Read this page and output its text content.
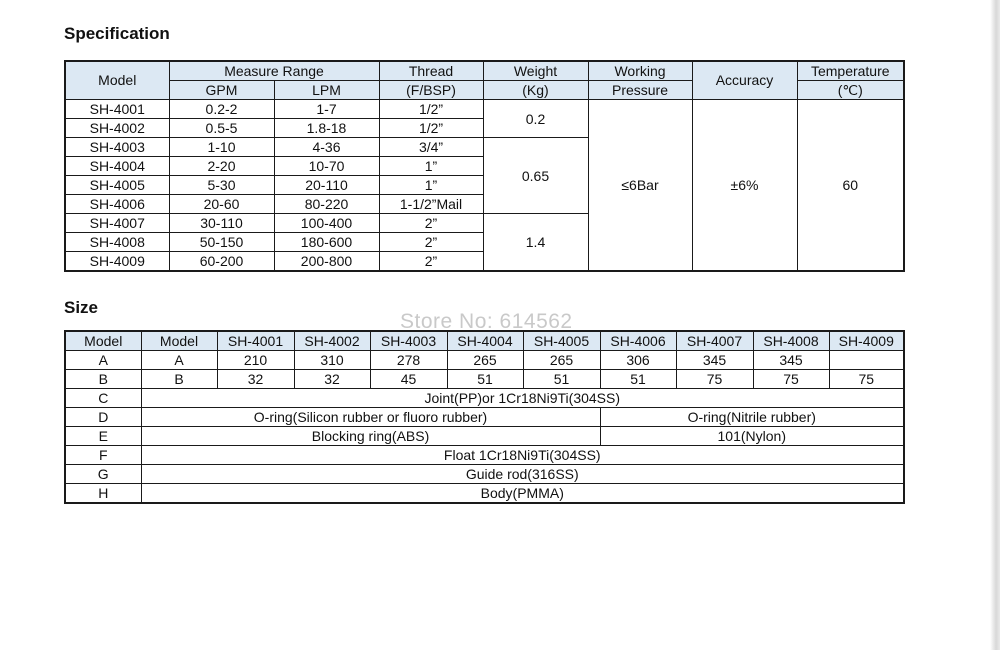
Specification
Model	Measure Range		Thread	Weight	Working	Accuracy	Temperature
	GPM	LPM	(F/BSP)	(Kg)	Pressure		(℃)
SH-4001	0.2-2	1-7	1/2”	0.2	≤6Bar	±6%	60
SH-4002	0.5-5	1.8-18	1/2”				
SH-4003	1-10	4-36	3/4”	0.65			
SH-4004	2-20	10-70	1”				
SH-4005	5-30	20-110	1”				
SH-4006	20-60	80-220	1-1/2”Mail				
SH-4007	30-110	100-400	2”	1.4			
SH-4008	50-150	180-600	2”				
SH-4009	60-200	200-800	2”				
Size
Model	Model	SH-4001	SH-4002	SH-4003	SH-4004	SH-4005	SH-4006	SH-4007	SH-4008	SH-4009
A	A	210	310	278	265	265	306	345	345	
B	B	32	32	45	51	51	51	75	75	75
C	Joint(PP)or 1Cr18Ni9Ti(304SS)									
D	O-ring(Silicon rubber or fluoro rubber)						O-ring(Nitrile rubber)			
E	Blocking ring(ABS)						101(Nylon)			
F	Float 1Cr18Ni9Ti(304SS)									
G	Guide rod(316SS)									
H	Body(PMMA)									
Store No: 614562
